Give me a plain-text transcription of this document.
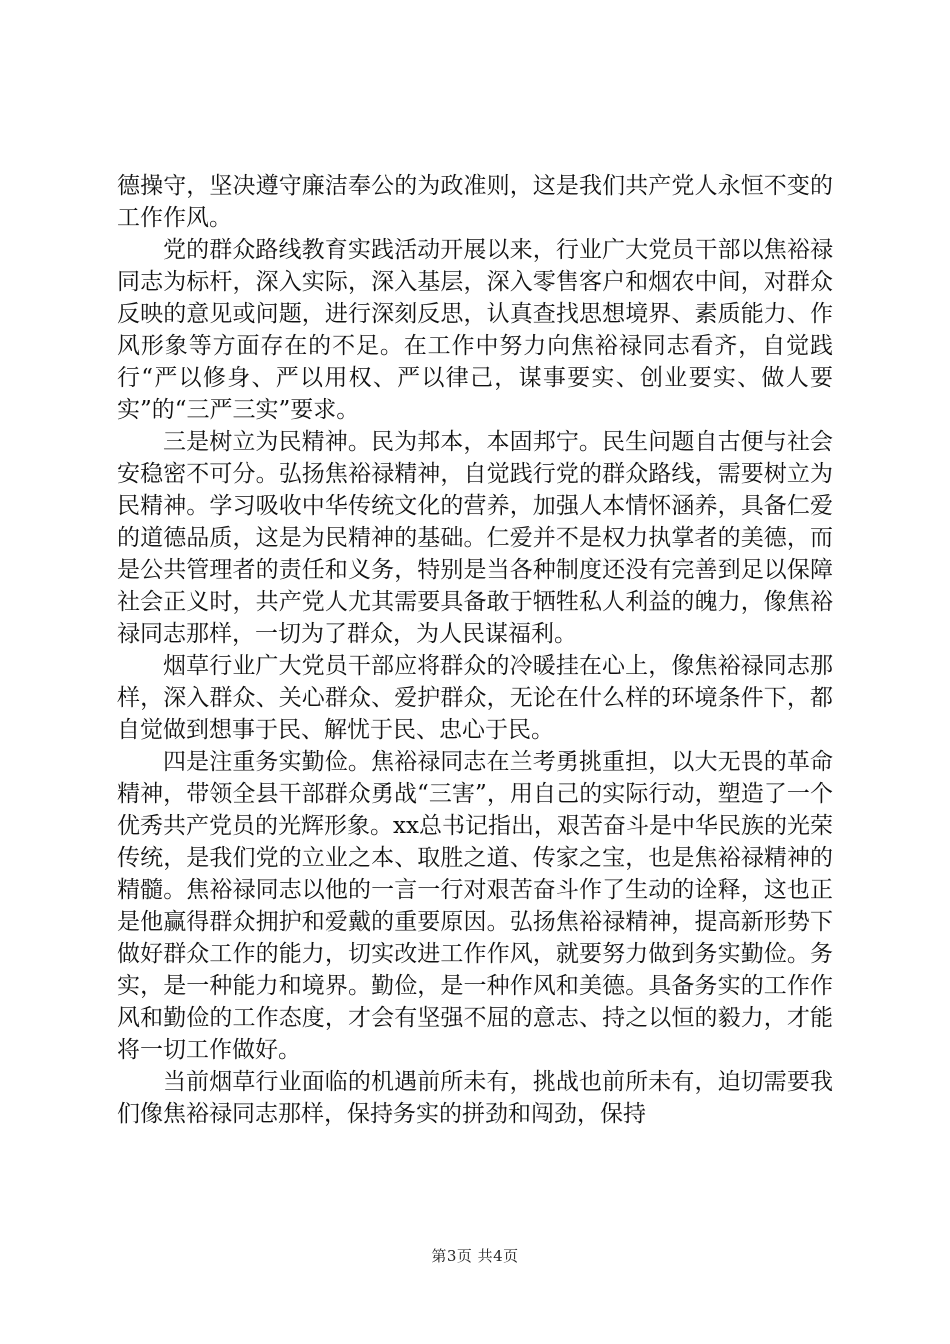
德操守，坚决遵守廉洁奉公的为政准则，这是我们共产党人永恒不变的工作作风。

党的群众路线教育实践活动开展以来，行业广大党员干部以焦裕禄同志为标杆，深入实际，深入基层，深入零售客户和烟农中间，对群众反映的意见或问题，进行深刻反思，认真查找思想境界、素质能力、作风形象等方面存在的不足。在工作中努力向焦裕禄同志看齐，自觉践行“严以修身、严以用权、严以律己，谋事要实、创业要实、做人要实”的“三严三实”要求。

三是树立为民精神。民为邦本，本固邦宁。民生问题自古便与社会安稳密不可分。弘扬焦裕禄精神，自觉践行党的群众路线，需要树立为民精神。学习吸收中华传统文化的营养，加强人本情怀涵养，具备仁爱的道德品质，这是为民精神的基础。仁爱并不是权力执掌者的美德，而是公共管理者的责任和义务，特别是当各种制度还没有完善到足以保障社会正义时，共产党人尤其需要具备敢于牺牲私人利益的魄力，像焦裕禄同志那样，一切为了群众，为人民谋福利。

烟草行业广大党员干部应将群众的冷暖挂在心上，像焦裕禄同志那样，深入群众、关心群众、爱护群众，无论在什么样的环境条件下，都自觉做到想事于民、解忧于民、忠心于民。

四是注重务实勤俭。焦裕禄同志在兰考勇挑重担，以大无畏的革命精神，带领全县干部群众勇战“三害”，用自己的实际行动，塑造了一个优秀共产党员的光辉形象。xx总书记指出，艰苦奋斗是中华民族的光荣传统，是我们党的立业之本、取胜之道、传家之宝，也是焦裕禄精神的精髓。焦裕禄同志以他的一言一行对艰苦奋斗作了生动的诠释，这也正是他赢得群众拥护和爱戴的重要原因。弘扬焦裕禄精神，提高新形势下做好群众工作的能力，切实改进工作作风，就要努力做到务实勤俭。务实，是一种能力和境界。勤俭，是一种作风和美德。具备务实的工作作风和勤俭的工作态度，才会有坚强不屈的意志、持之以恒的毅力，才能将一切工作做好。

当前烟草行业面临的机遇前所未有，挑战也前所未有，迫切需要我们像焦裕禄同志那样，保持务实的拼劲和闯劲，保持

第3页 共4页
